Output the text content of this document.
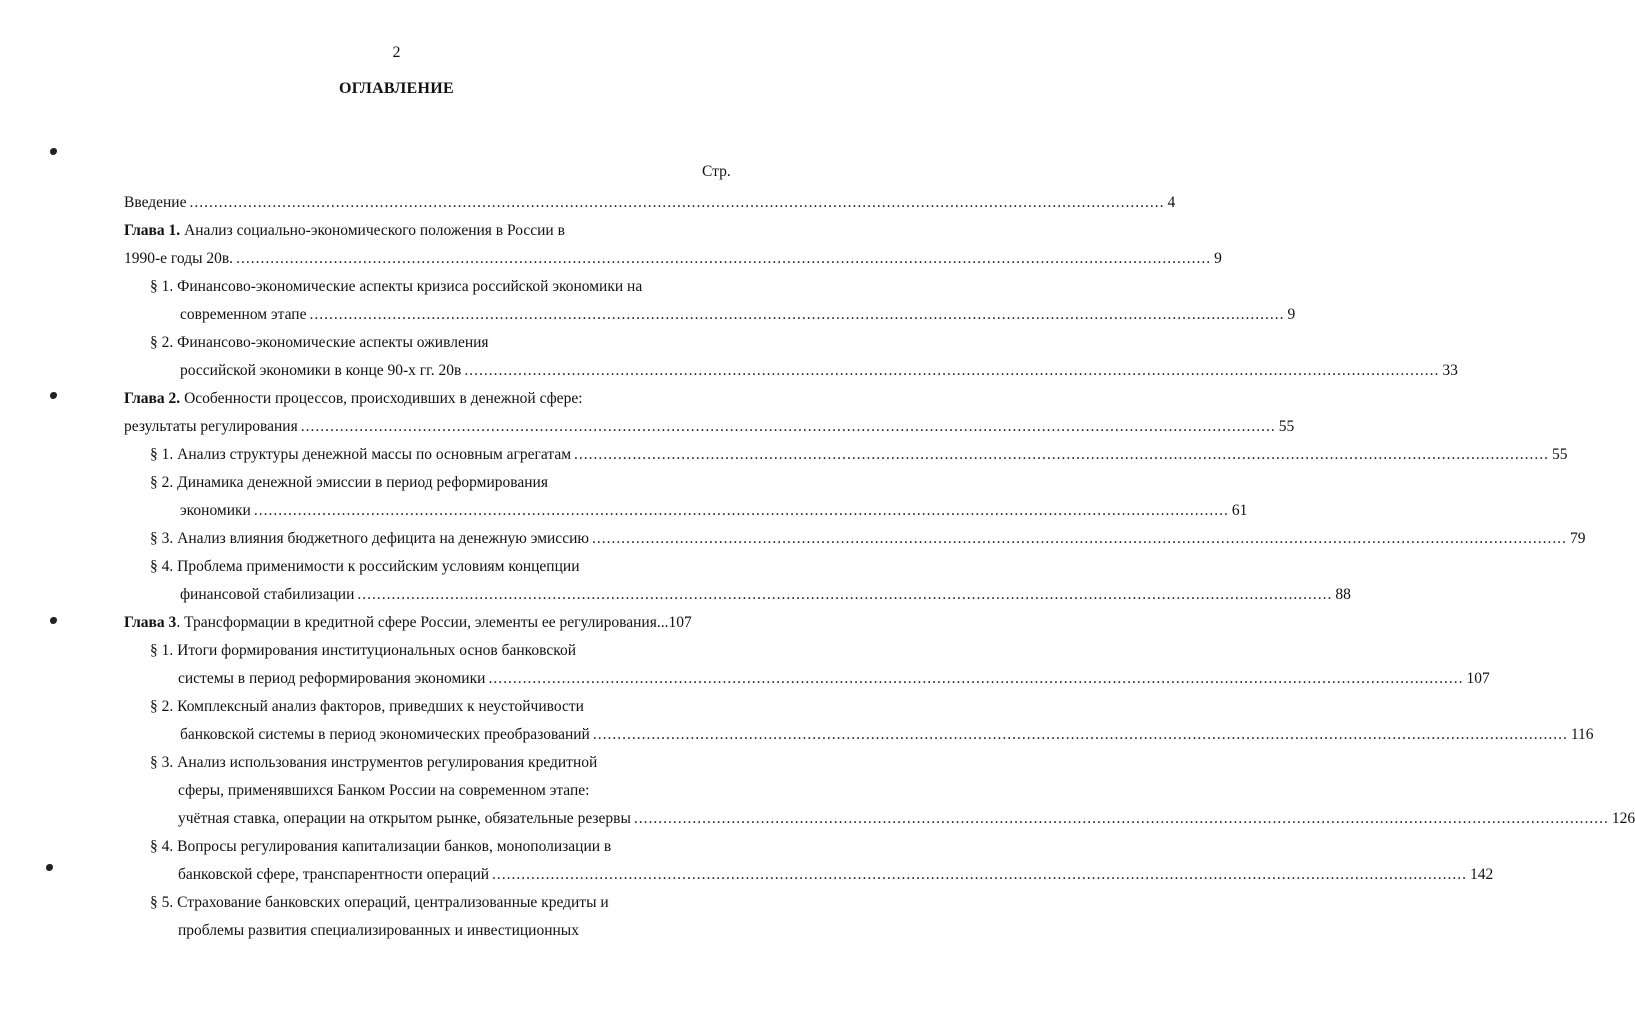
2
ОГЛАВЛЕНИЕ
Стр.
Введение ........................................................................................................................................................................................................ 4
Глава 1. Анализ социально-экономического положения в России в
1990-е годы 20в. ........................................................................................................................................................................................................ 9
§ 1. Финансово-экономические аспекты кризиса российской экономики на
современном этапе ........................................................................................................................................................................................................ 9
§ 2. Финансово-экономические аспекты оживления
российской экономики в конце 90-х гг. 20в ........................................................................................................................................................................................................ 33
Глава 2. Особенности процессов, происходивших в денежной сфере:
результаты регулирования ........................................................................................................................................................................................................ 55
§ 1. Анализ структуры денежной массы по основным агрегатам ........................................................................................................................................................................................................ 55
§ 2. Динамика денежной эмиссии в период реформирования
экономики ........................................................................................................................................................................................................ 61
§ 3. Анализ влияния бюджетного дефицита на денежную эмиссию ........................................................................................................................................................................................................ 79
§ 4. Проблема применимости к российским условиям концепции
финансовой стабилизации ........................................................................................................................................................................................................ 88
Глава 3. Трансформации в кредитной сфере России, элементы ее регулирования...107
§ 1. Итоги формирования институциональных основ банковской
системы в период реформирования экономики ........................................................................................................................................................................................................ 107
§ 2. Комплексный анализ факторов, приведших к неустойчивости
банковской системы в период экономических преобразований ........................................................................................................................................................................................................ 116
§ 3. Анализ использования инструментов регулирования кредитной
сферы, применявшихся Банком России на современном этапе:
учётная ставка, операции на открытом рынке, обязательные резервы ........................................................................................................................................................................................................ 126
§ 4. Вопросы регулирования капитализации банков, монополизации в
банковской сфере, транспарентности операций ........................................................................................................................................................................................................ 142
§ 5. Страхование банковских операций, централизованные кредиты и
проблемы развития специализированных и инвестиционных
